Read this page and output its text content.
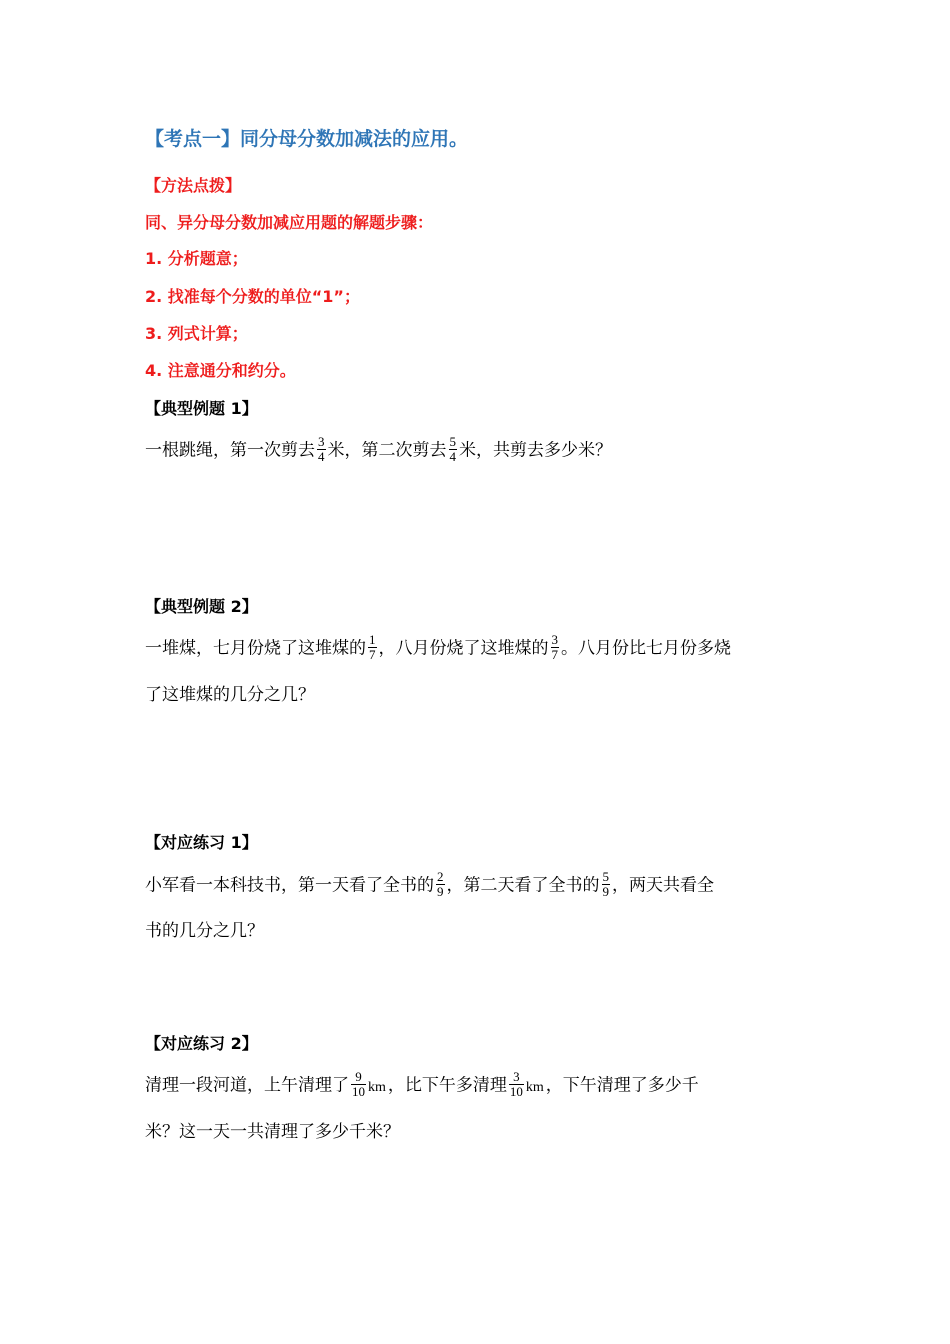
【考点一】同分母分数加减法的应用。
【方法点拨】
同、异分母分数加减应用题的解题步骤：
1. 分析题意；
2. 找准每个分数的单位“1”；
3. 列式计算；
4. 注意通分和约分。
【典型例题 1】
一根跳绳，第一次剪去 $\frac{3}{4}$ 米，第二次剪去 $\frac{5}{4}$ 米，共剪去多少米？
【典型例题 2】
一堆煤，七月份烧了这堆煤的 $\frac{1}{7}$ ，八月份烧了这堆煤的 $\frac{3}{7}$ 。八月份比七月份多烧
了这堆煤的几分之几？
【对应练习 1】
小军看一本科技书，第一天看了全书的 $\frac{2}{9}$ ，第二天看了全书的 $\frac{5}{9}$ ，两天共看全
书的几分之几？
【对应练习 2】
清理一段河道，上午清理了 $\frac{9}{10}$ km ，比下午多清理 $\frac{3}{10}$ km ，下午清理了多少千
米？这一天一共清理了多少千米？
